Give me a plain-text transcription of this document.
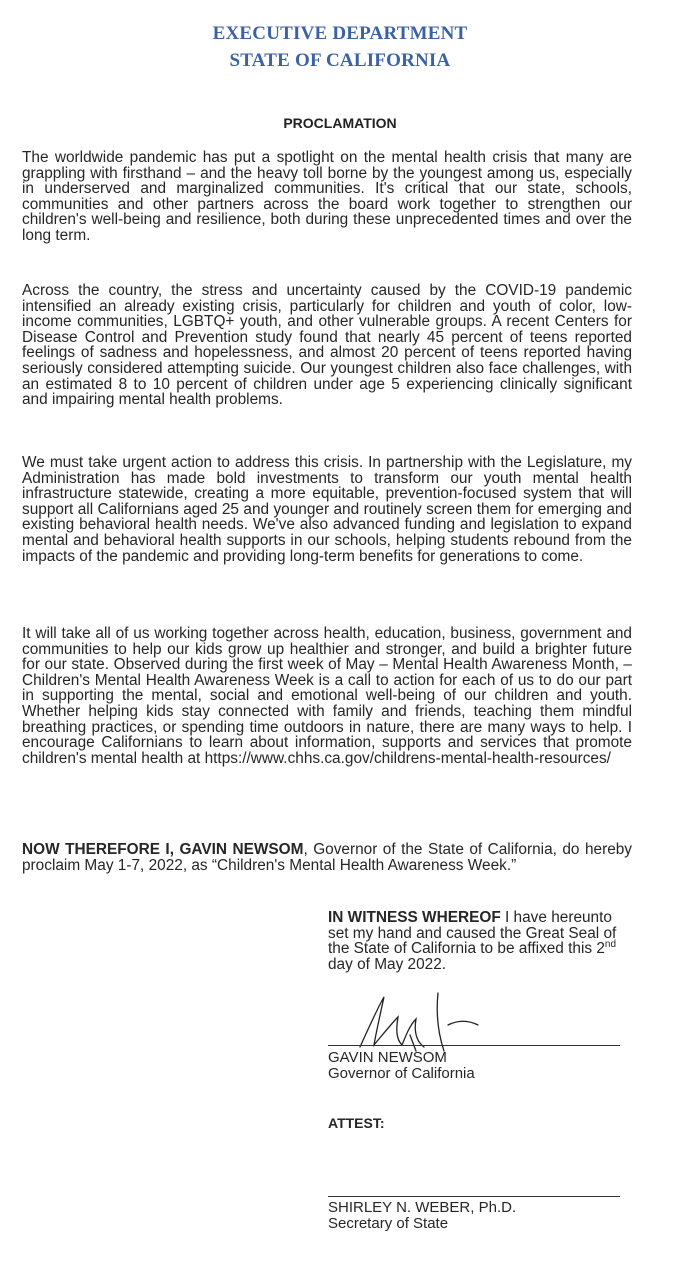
EXECUTIVE DEPARTMENT
STATE OF CALIFORNIA
PROCLAMATION

The worldwide pandemic has put a spotlight on the mental health crisis that many are grappling with firsthand – and the heavy toll borne by the youngest among us, especially in underserved and marginalized communities. It's critical that our state, schools, communities and other partners across the board work together to strengthen our children's well-being and resilience, both during these unprecedented times and over the long term.

Across the country, the stress and uncertainty caused by the COVID-19 pandemic intensified an already existing crisis, particularly for children and youth of color, low-income communities, LGBTQ+ youth, and other vulnerable groups. A recent Centers for Disease Control and Prevention study found that nearly 45 percent of teens reported feelings of sadness and hopelessness, and almost 20 percent of teens reported having seriously considered attempting suicide. Our youngest children also face challenges, with an estimated 8 to 10 percent of children under age 5 experiencing clinically significant and impairing mental health problems.

We must take urgent action to address this crisis. In partnership with the Legislature, my Administration has made bold investments to transform our youth mental health infrastructure statewide, creating a more equitable, prevention-focused system that will support all Californians aged 25 and younger and routinely screen them for emerging and existing behavioral health needs. We've also advanced funding and legislation to expand mental and behavioral health supports in our schools, helping students rebound from the impacts of the pandemic and providing long-term benefits for generations to come.

It will take all of us working together across health, education, business, government and communities to help our kids grow up healthier and stronger, and build a brighter future for our state. Observed during the first week of May – Mental Health Awareness Month, – Children's Mental Health Awareness Week is a call to action for each of us to do our part in supporting the mental, social and emotional well-being of our children and youth. Whether helping kids stay connected with family and friends, teaching them mindful breathing practices, or spending time outdoors in nature, there are many ways to help. I encourage Californians to learn about information, supports and services that promote children's mental health at https://www.chhs.ca.gov/childrens-mental-health-resources/

NOW THEREFORE I, GAVIN NEWSOM, Governor of the State of California, do hereby proclaim May 1-7, 2022, as “Children's Mental Health Awareness Week.”

IN WITNESS WHEREOF I have hereunto set my hand and caused the Great Seal of the State of California to be affixed this 2nd day of May 2022.

GAVIN NEWSOM
Governor of California

ATTEST:

SHIRLEY N. WEBER, Ph.D.
Secretary of State
